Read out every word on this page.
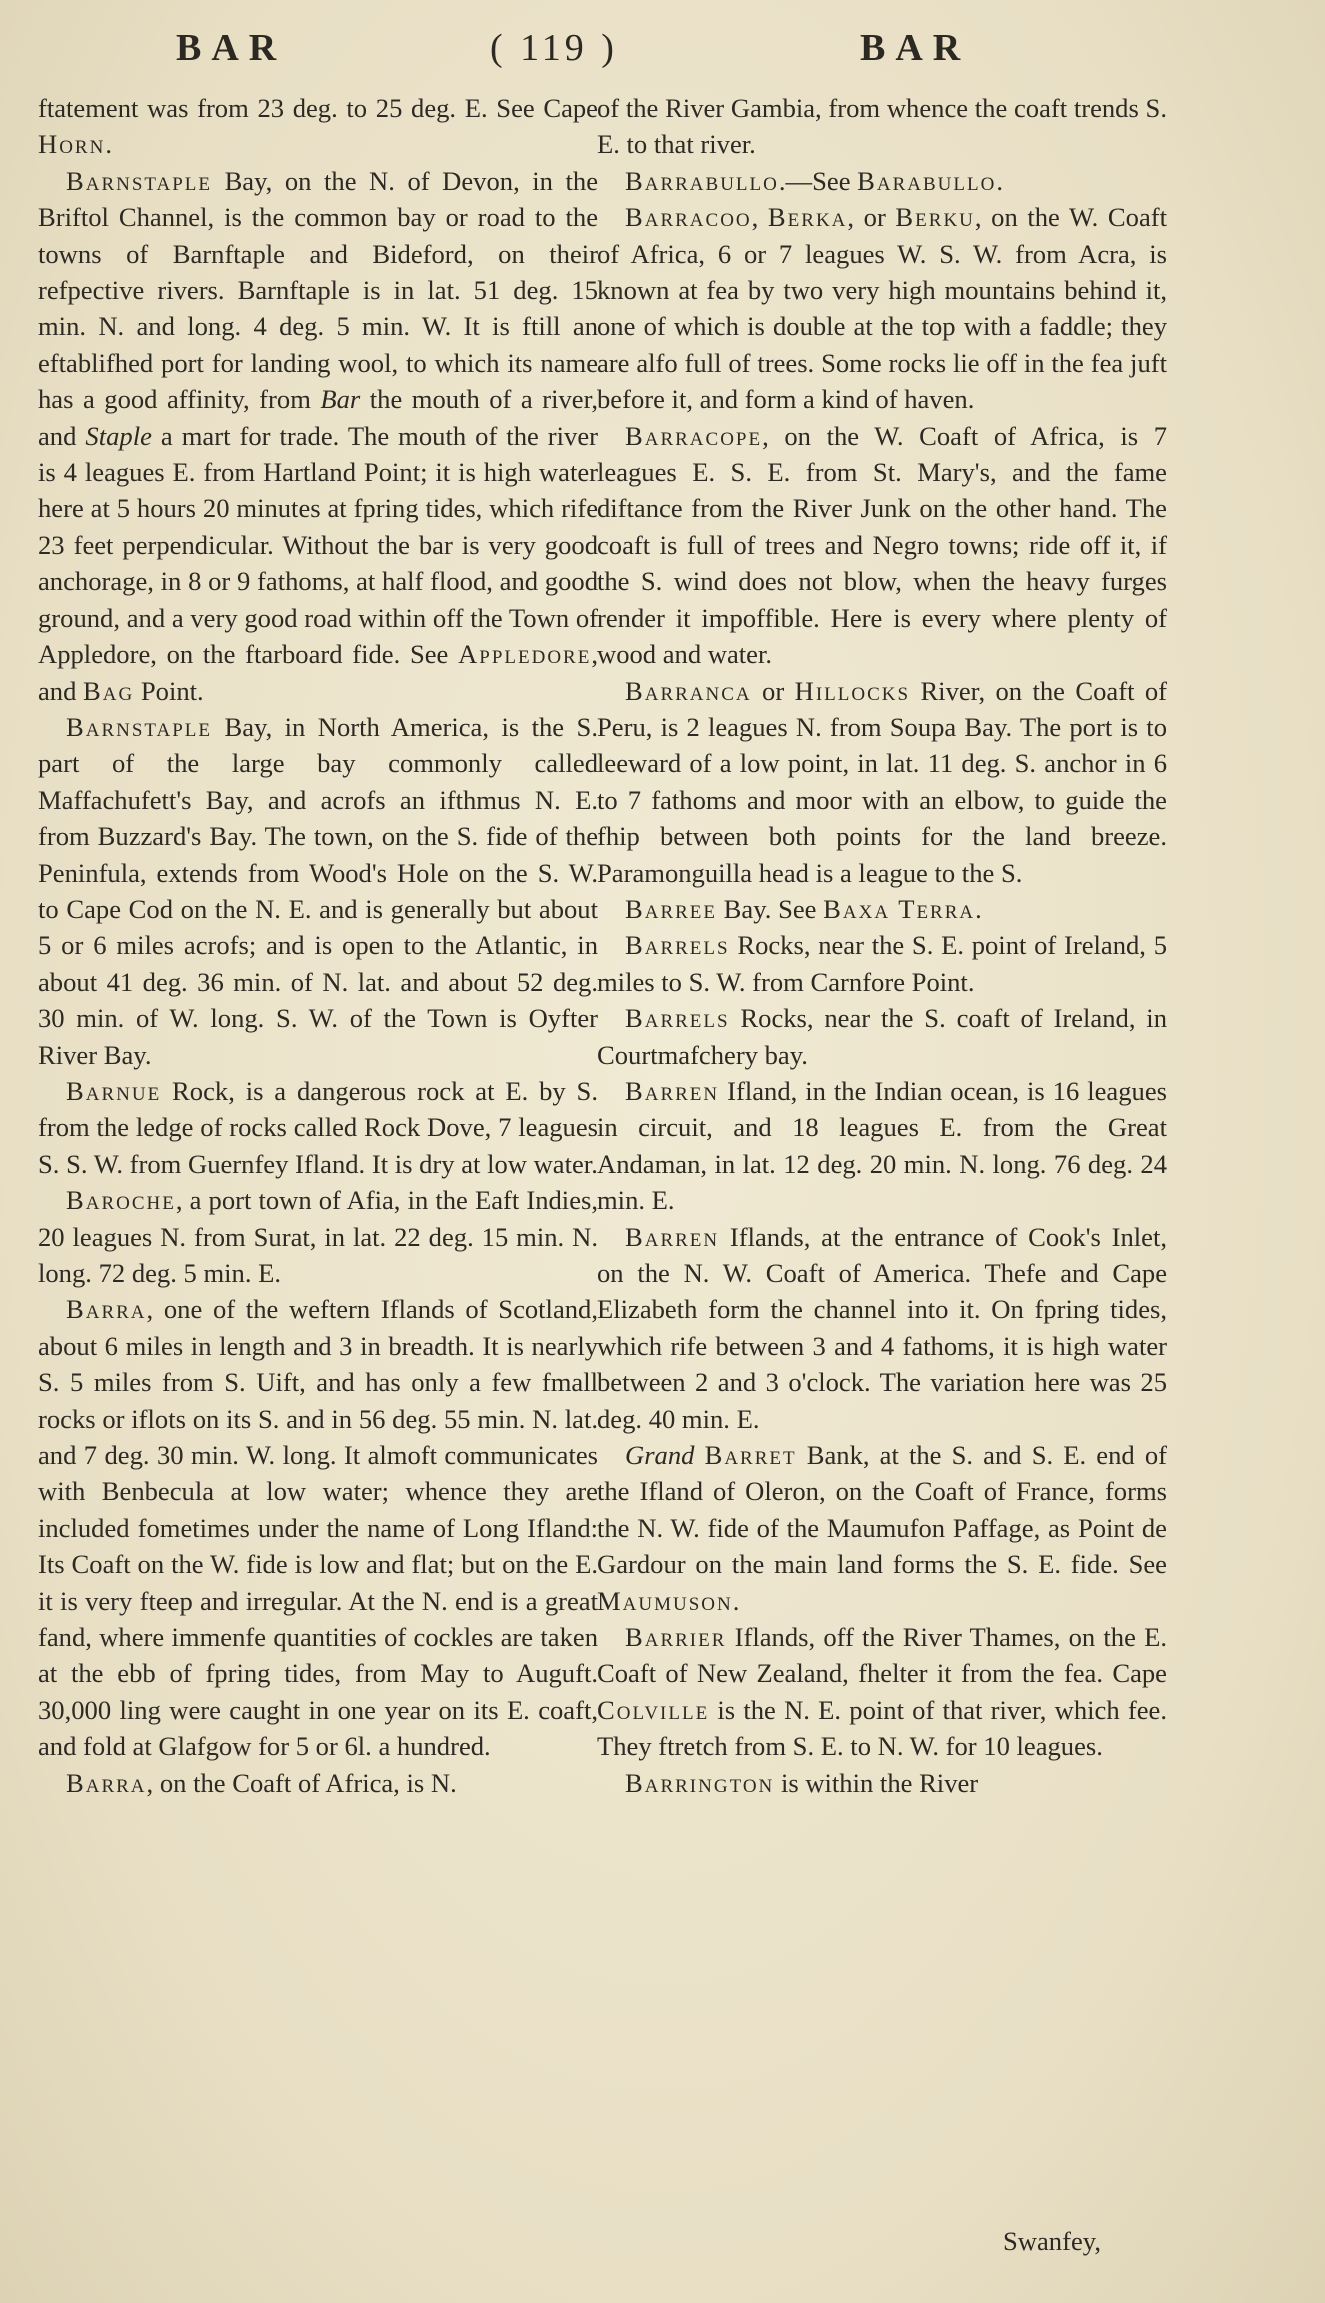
BAR	( 119 )	BAR

ftatement was from 23 deg. to 25 deg. E. See Cape Horn.

Barnstaple Bay, on the N. of Devon, in the Briftol Channel, is the common bay or road to the towns of Barnftaple and Bideford, on their refpective rivers. Barnftaple is in lat. 51 deg. 15 min. N. and long. 4 deg. 5 min. W. It is ftill an eftablifhed port for landing wool, to which its name has a good affinity, from Bar the mouth of a river, and Staple a mart for trade. The mouth of the river is 4 leagues E. from Hartland Point; it is high water here at 5 hours 20 minutes at fpring tides, which rife 23 feet perpendicular. Without the bar is very good anchorage, in 8 or 9 fathoms, at half flood, and good ground, and a very good road within off the Town of Appledore, on the ftarboard fide. See Appledore, and Bag Point.

Barnstaple Bay, in North America, is the S. part of the large bay commonly called Maffachufett's Bay, and acrofs an ifthmus N. E. from Buzzard's Bay. The town, on the S. fide of the Peninfula, extends from Wood's Hole on the S. W. to Cape Cod on the N. E. and is generally but about 5 or 6 miles acrofs; and is open to the Atlantic, in about 41 deg. 36 min. of N. lat. and about 52 deg. 30 min. of W. long. S. W. of the Town is Oyfter River Bay.

Barnue Rock, is a dangerous rock at E. by S. from the ledge of rocks called Rock Dove, 7 leagues S. S. W. from Guernfey Ifland. It is dry at low water.

Baroche, a port town of Afia, in the Eaft Indies, 20 leagues N. from Surat, in lat. 22 deg. 15 min. N. long. 72 deg. 5 min. E.

Barra, one of the weftern Iflands of Scotland, about 6 miles in length and 3 in breadth. It is nearly S. 5 miles from S. Uift, and has only a few fmall rocks or iflots on its S. and in 56 deg. 55 min. N. lat. and 7 deg. 30 min. W. long. It almoft communicates with Benbecula at low water; whence they are included fometimes under the name of Long Ifland: Its Coaft on the W. fide is low and flat; but on the E. it is very fteep and irregular. At the N. end is a great fand, where immenfe quantities of cockles are taken at the ebb of fpring tides, from May to Auguft. 30,000 ling were caught in one year on its E. coaft, and fold at Glafgow for 5 or 6l. a hundred.

Barra, on the Coaft of Africa, is N.

of the River Gambia, from whence the coaft trends S. E. to that river.

Barrabullo.—See Barabullo.

Barracoo, Berka, or Berku, on the W. Coaft of Africa, 6 or 7 leagues W. S. W. from Acra, is known at fea by two very high mountains behind it, one of which is double at the top with a faddle; they are alfo full of trees. Some rocks lie off in the fea juft before it, and form a kind of haven.

Barracope, on the W. Coaft of Africa, is 7 leagues E. S. E. from St. Mary's, and the fame diftance from the River Junk on the other hand. The coaft is full of trees and Negro towns; ride off it, if the S. wind does not blow, when the heavy furges render it impoffible. Here is every where plenty of wood and water.

Barranca or Hillocks River, on the Coaft of Peru, is 2 leagues N. from Soupa Bay. The port is to leeward of a low point, in lat. 11 deg. S. anchor in 6 to 7 fathoms and moor with an elbow, to guide the fhip between both points for the land breeze. Paramonguilla head is a league to the S.

Barree Bay. See Baxa Terra.

Barrels Rocks, near the S. E. point of Ireland, 5 miles to S. W. from Carnfore Point.

Barrels Rocks, near the S. coaft of Ireland, in Courtmafchery bay.

Barren Ifland, in the Indian ocean, is 16 leagues in circuit, and 18 leagues E. from the Great Andaman, in lat. 12 deg. 20 min. N. long. 76 deg. 24 min. E.

Barren Iflands, at the entrance of Cook's Inlet, on the N. W. Coaft of America. Thefe and Cape Elizabeth form the channel into it. On fpring tides, which rife between 3 and 4 fathoms, it is high water between 2 and 3 o'clock. The variation here was 25 deg. 40 min. E.

Grand Barret Bank, at the S. and S. E. end of the Ifland of Oleron, on the Coaft of France, forms the N. W. fide of the Maumufon Paffage, as Point de Gardour on the main land forms the S. E. fide. See Maumuson.

Barrier Iflands, off the River Thames, on the E. Coaft of New Zealand, fhelter it from the fea. Cape Colville is the N. E. point of that river, which fee. They ftretch from S. E. to N. W. for 10 leagues.

Barrington is within the River

Swanfey,
